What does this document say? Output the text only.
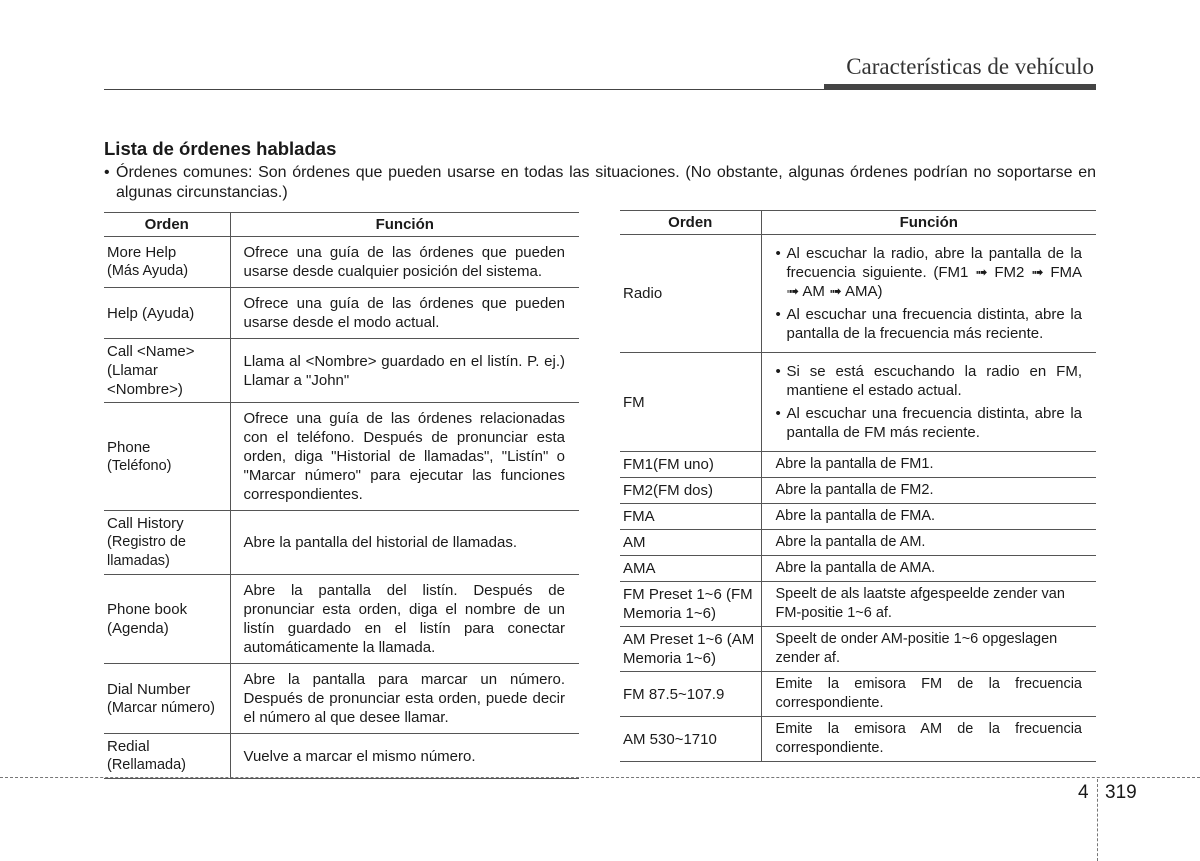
Características de vehículo
Lista de órdenes habladas
• Órdenes comunes: Son órdenes que pueden usarse en todas las situaciones. (No obstante, algunas órdenes podrían no soportarse en algunas circunstancias.)
Orden	Función

More Help
(Más Ayuda)	Ofrece una guía de las órdenes que pueden usarse desde cualquier posición del sistema.

Help (Ayuda)	Ofrece una guía de las órdenes que pueden usarse desde el modo actual.

Call <Name>
(Llamar <Nombre>)	Llama al <Nombre> guardado en el listín. P. ej.) Llamar a "John"

Phone
(Teléfono)	Ofrece una guía de las órdenes relacionadas con el teléfono. Después de pronunciar esta orden, diga "Historial de llamadas", "Listín" o "Marcar número" para ejecutar las funciones correspondientes.

Call History
(Registro de llamadas)	Abre la pantalla del historial de llamadas.

Phone book
(Agenda)	Abre la pantalla del listín. Después de pronunciar esta orden, diga el nombre de un listín guardado en el listín para conectar automáticamente la llamada.

Dial Number
(Marcar número)	Abre la pantalla para marcar un número. Después de pronunciar esta orden, puede decir el número al que desee llamar.

Redial
(Rellamada)	Vuelve a marcar el mismo número.
Orden	Función
Radio	• Al escuchar la radio, abre la pantalla de la frecuencia siguiente. (FM1 ➟ FM2 ➟ FMA ➟ AM ➟ AMA)
• Al escuchar una frecuencia distinta, abre la pantalla de la frecuencia más reciente.

FM	• Si se está escuchando la radio en FM, mantiene el estado actual.
• Al escuchar una frecuencia distinta, abre la pantalla de FM más reciente.

FM1(FM uno)	Abre la pantalla de FM1.
FM2(FM dos)	Abre la pantalla de FM2.
FMA	Abre la pantalla de FMA.
AM	Abre la pantalla de AM.
AMA	Abre la pantalla de AMA.
FM Preset 1~6 (FM Memoria 1~6)	Speelt de als laatste afgespeelde zender van FM-positie 1~6 af.
AM Preset 1~6 (AM Memoria 1~6)	Speelt de onder AM-positie 1~6 opgeslagen zender af.
FM 87.5~107.9	Emite la emisora FM de la frecuencia correspondiente.
AM 530~1710	Emite la emisora AM de la frecuencia correspondiente.
4 319
